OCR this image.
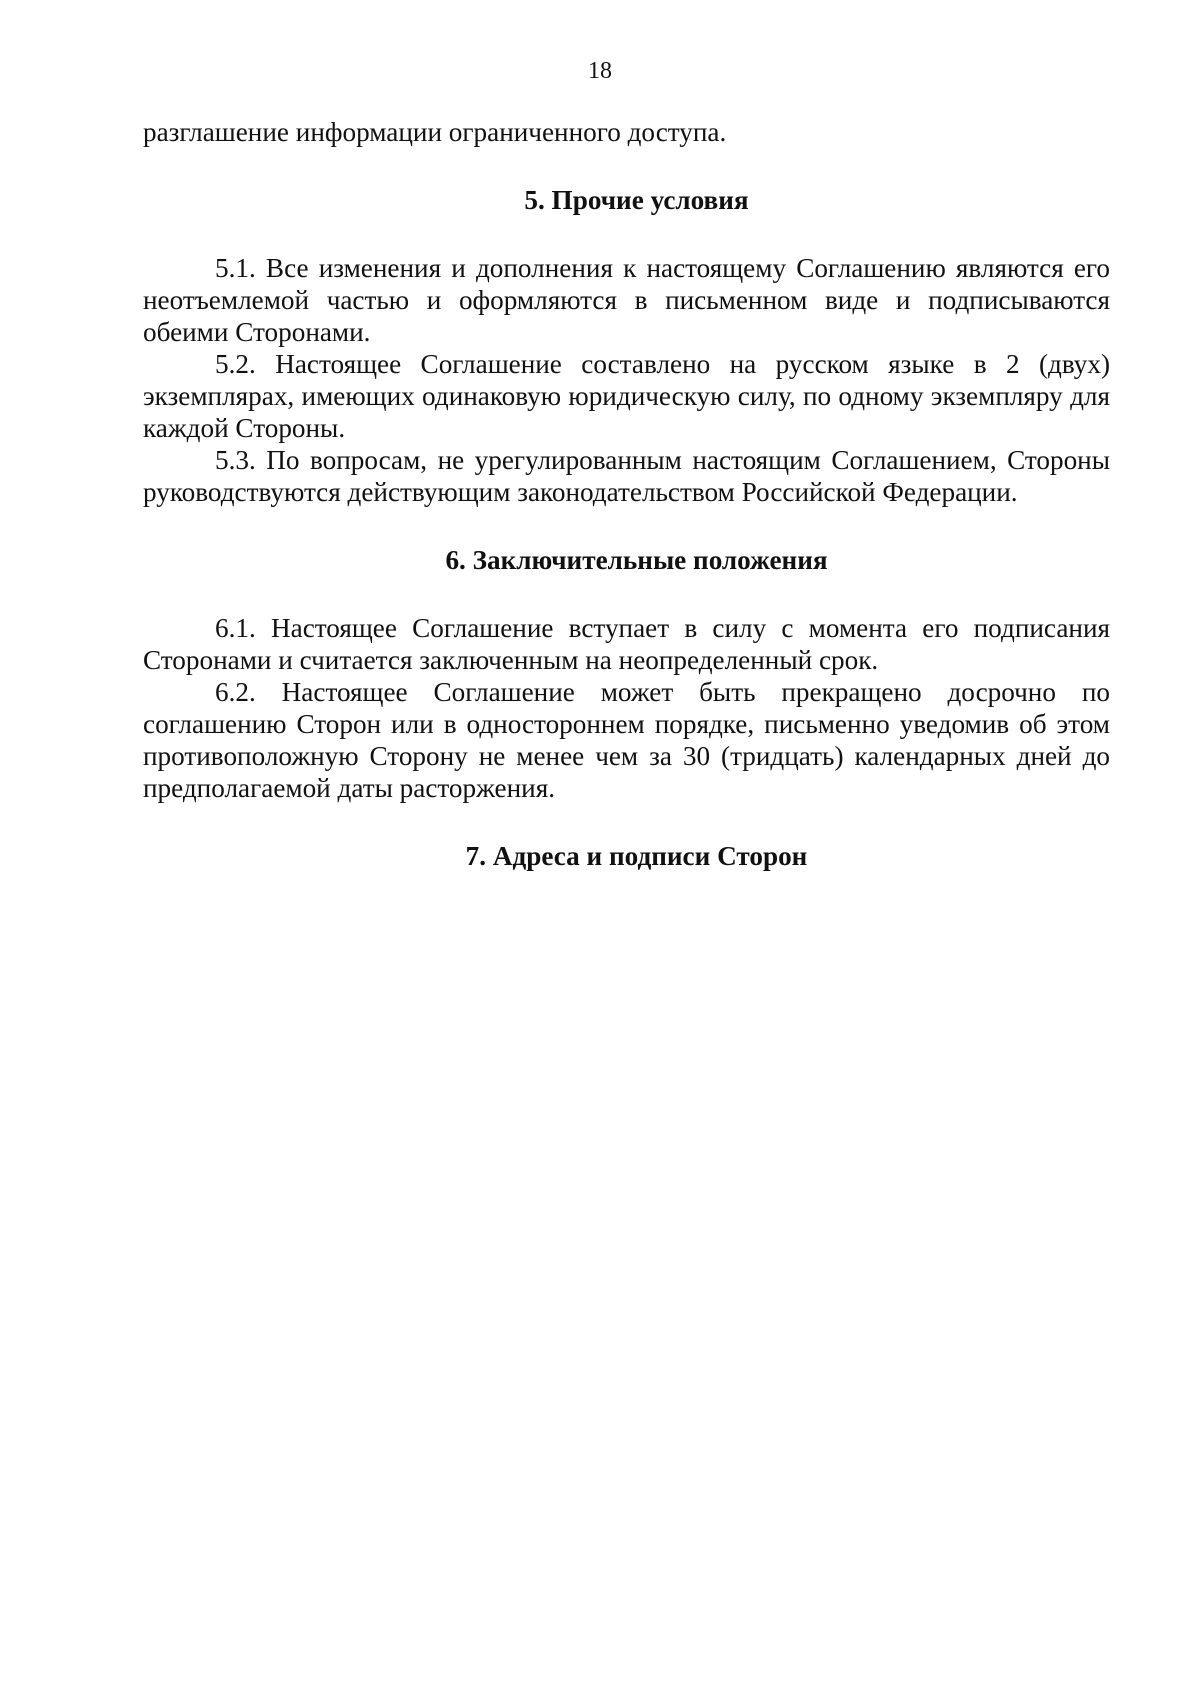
18

разглашение информации ограниченного доступа.

5. Прочие условия

5.1. Все изменения и дополнения к настоящему Соглашению являются его неотъемлемой частью и оформляются в письменном виде и подписываются обеими Сторонами.

5.2. Настоящее Соглашение составлено на русском языке в 2 (двух) экземплярах, имеющих одинаковую юридическую силу, по одному экземпляру для каждой Стороны.

5.3. По вопросам, не урегулированным настоящим Соглашением, Стороны руководствуются действующим законодательством Российской Федерации.

6. Заключительные положения

6.1. Настоящее Соглашение вступает в силу с момента его подписания Сторонами и считается заключенным на неопределенный срок.

6.2. Настоящее Соглашение может быть прекращено досрочно по соглашению Сторон или в одностороннем порядке, письменно уведомив об этом противоположную Сторону не менее чем за 30 (тридцать) календарных дней до предполагаемой даты расторжения.

7. Адреса и подписи Сторон
